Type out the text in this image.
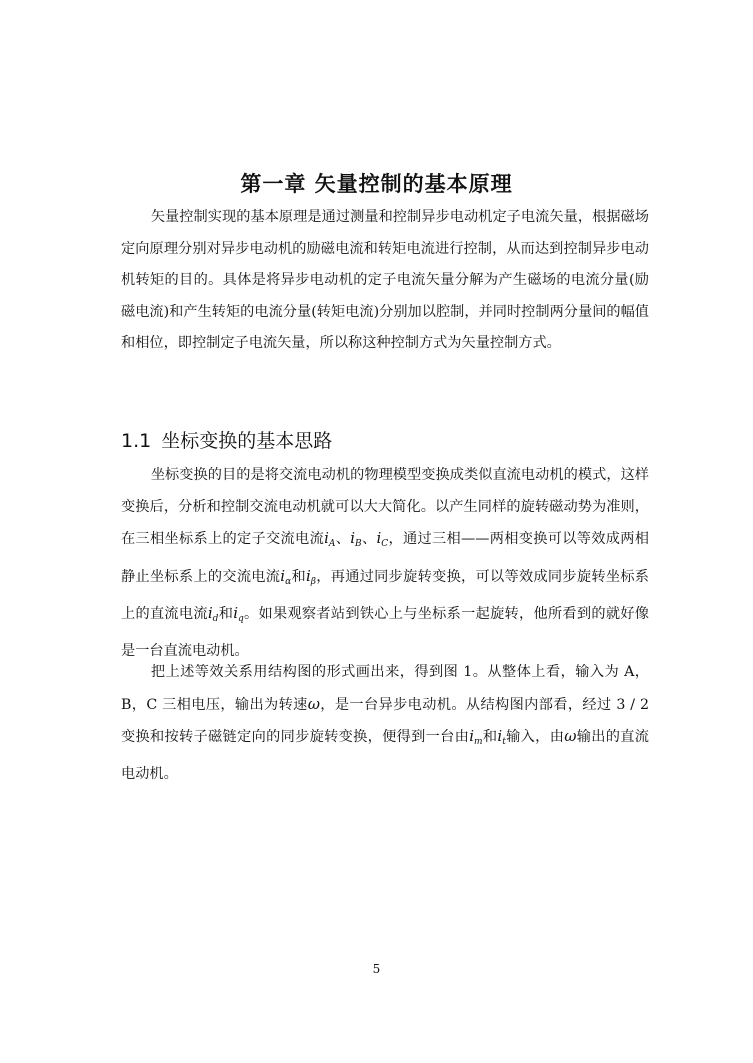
第一章 矢量控制的基本原理

矢量控制实现的基本原理是通过测量和控制异步电动机定子电流矢量，根据磁场定向原理分别对异步电动机的励磁电流和转矩电流进行控制，从而达到控制异步电动机转矩的目的。具体是将异步电动机的定子电流矢量分解为产生磁场的电流分量(励磁电流)和产生转矩的电流分量(转矩电流)分别加以腔制，并同时控制两分量间的幅值和相位，即控制定子电流矢量，所以称这种控制方式为矢量控制方式。

1.1 坐标变换的基本思路

坐标变换的目的是将交流电动机的物理模型变换成类似直流电动机的模式，这样变换后，分析和控制交流电动机就可以大大简化。以产生同样的旋转磁动势为准则，在三相坐标系上的定子交流电流$i_A$、$i_B$、$i_C$，通过三相——两相变换可以等效成两相静止坐标系上的交流电流$i_\alpha$和$i_\beta$，再通过同步旋转变换，可以等效成同步旋转坐标系上的直流电流$i_d$和$i_q$。如果观察者站到铁心上与坐标系一起旋转，他所看到的就好像是一台直流电动机。

把上述等效关系用结构图的形式画出来，得到图 1。从整体上看，输入为 A，B，C 三相电压，输出为转速ω，是一台异步电动机。从结构图内部看，经过 3 / 2 变换和按转子磁链定向的同步旋转变换，便得到一台由$i_m$和$i_t$输入，由ω输出的直流电动机。

5
